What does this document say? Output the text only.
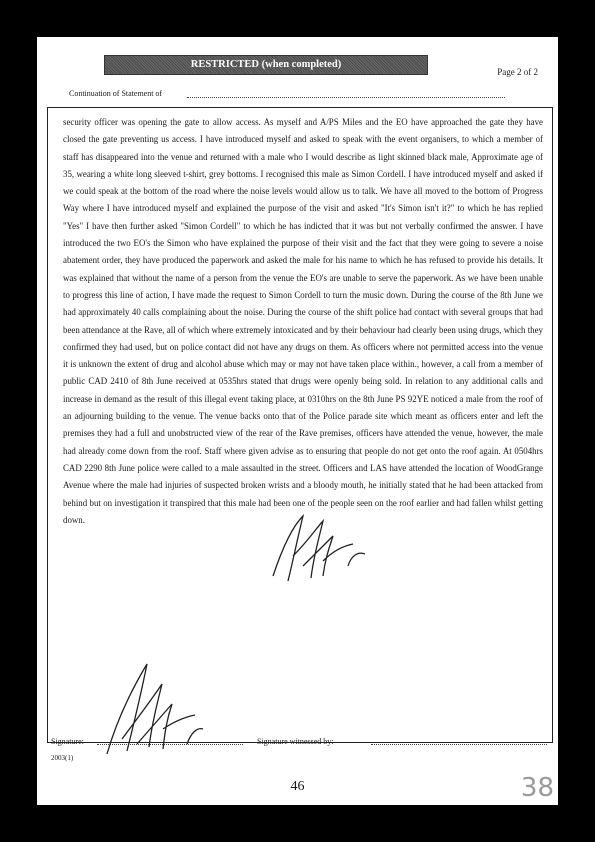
RESTRICTED (when completed)
Page 2 of 2
Continuation of Statement of
security officer was opening the gate to allow access. As myself and A/PS Miles and the EO have approached the gate they have closed the gate preventing us access. I have introduced myself and asked to speak with the event organisers, to which a member of staff has disappeared into the venue and returned with a male who I would describe as light skinned black male, Approximate age of 35, wearing a white long sleeved t-shirt, grey bottoms. I recognised this male as Simon Cordell. I have introduced myself and asked if we could speak at the bottom of the road where the noise levels would allow us to talk. We have all moved to the bottom of Progress Way where I have introduced myself and explained the purpose of the visit and asked "It's Simon isn't it?" to which he has replied "Yes" I have then further asked "Simon Cordell" to which he has indicted that it was but not verbally confirmed the answer. I have introduced the two EO's the Simon who have explained the purpose of their visit and the fact that they were going to severe a noise abatement order, they have produced the paperwork and asked the male for his name to which he has refused to provide his details. It was explained that without the name of a person from the venue the EO's are unable to serve the paperwork. As we have been unable to progress this line of action, I have made the request to Simon Cordell to turn the music down. During the course of the 8th June we had approximately 40 calls complaining about the noise. During the course of the shift police had contact with several groups that had been attendance at the Rave, all of which where extremely intoxicated and by their behaviour had clearly been using drugs, which they confirmed they had used, but on police contact did not have any drugs on them. As officers where not permitted access into the venue it is unknown the extent of drug and alcohol abuse which may or may not have taken place within., however, a call from a member of public CAD 2410 of 8th June received at 0535hrs stated that drugs were openly being sold. In relation to any additional calls and increase in demand as the result of this illegal event taking place, at 0310hrs on the 8th June PS 92YE noticed a male from the roof of an adjourning building to the venue. The venue backs onto that of the Police parade site which meant as officers enter and left the premises they had a full and unobstructed view of the rear of the Rave premises, officers have attended the venue, however, the male had already come down from the roof. Staff where given advise as to ensuring that people do not get onto the roof again. At 0504hrs CAD 2290 8th June police were called to a male assaulted in the street. Officers and LAS have attended the location of WoodGrange Avenue where the male had injuries of suspected broken wrists and a bloody mouth, he initially stated that he had been attacked from behind but on investigation it transpired that this male had been one of the people seen on the roof earlier and had fallen whilst getting down.
Signature:	Signature witnessed by:
2003(1)
46	38
